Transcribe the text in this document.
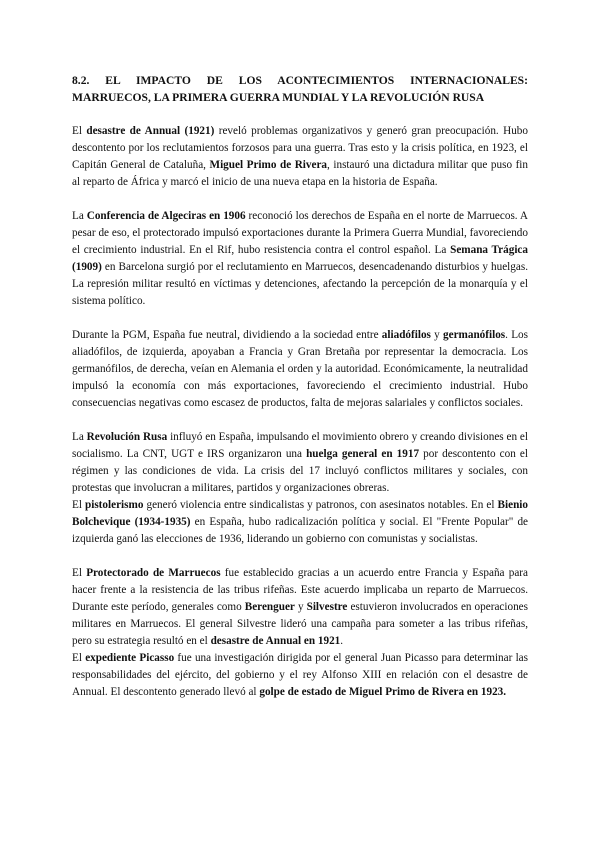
8.2. EL IMPACTO DE LOS ACONTECIMIENTOS INTERNACIONALES: MARRUECOS, LA PRIMERA GUERRA MUNDIAL Y LA REVOLUCIÓN RUSA

El desastre de Annual (1921) reveló problemas organizativos y generó gran preocupación. Hubo descontento por los reclutamientos forzosos para una guerra. Tras esto y la crisis política, en 1923, el Capitán General de Cataluña, Miguel Primo de Rivera, instauró una dictadura militar que puso fin al reparto de África y marcó el inicio de una nueva etapa en la historia de España.

La Conferencia de Algeciras en 1906 reconoció los derechos de España en el norte de Marruecos. A pesar de eso, el protectorado impulsó exportaciones durante la Primera Guerra Mundial, favoreciendo el crecimiento industrial. En el Rif, hubo resistencia contra el control español. La Semana Trágica (1909) en Barcelona surgió por el reclutamiento en Marruecos, desencadenando disturbios y huelgas. La represión militar resultó en víctimas y detenciones, afectando la percepción de la monarquía y el sistema político.

Durante la PGM, España fue neutral, dividiendo a la sociedad entre aliadófilos y germanófilos. Los aliadófilos, de izquierda, apoyaban a Francia y Gran Bretaña por representar la democracia. Los germanófilos, de derecha, veían en Alemania el orden y la autoridad. Económicamente, la neutralidad impulsó la economía con más exportaciones, favoreciendo el crecimiento industrial. Hubo consecuencias negativas como escasez de productos, falta de mejoras salariales y conflictos sociales.

La Revolución Rusa influyó en España, impulsando el movimiento obrero y creando divisiones en el socialismo. La CNT, UGT e IRS organizaron una huelga general en 1917 por descontento con el régimen y las condiciones de vida. La crisis del 17 incluyó conflictos militares y sociales, con protestas que involucran a militares, partidos y organizaciones obreras.

El pistolerismo generó violencia entre sindicalistas y patronos, con asesinatos notables. En el Bienio Bolchevique (1934-1935) en España, hubo radicalización política y social. El "Frente Popular" de izquierda ganó las elecciones de 1936, liderando un gobierno con comunistas y socialistas.

El Protectorado de Marruecos fue establecido gracias a un acuerdo entre Francia y España para hacer frente a la resistencia de las tribus rifeñas. Este acuerdo implicaba un reparto de Marruecos. Durante este período, generales como Berenguer y Silvestre estuvieron involucrados en operaciones militares en Marruecos. El general Silvestre lideró una campaña para someter a las tribus rifeñas, pero su estrategia resultó en el desastre de Annual en 1921.

El expediente Picasso fue una investigación dirigida por el general Juan Picasso para determinar las responsabilidades del ejército, del gobierno y el rey Alfonso XIII en relación con el desastre de Annual. El descontento generado llevó al golpe de estado de Miguel Primo de Rivera en 1923.
